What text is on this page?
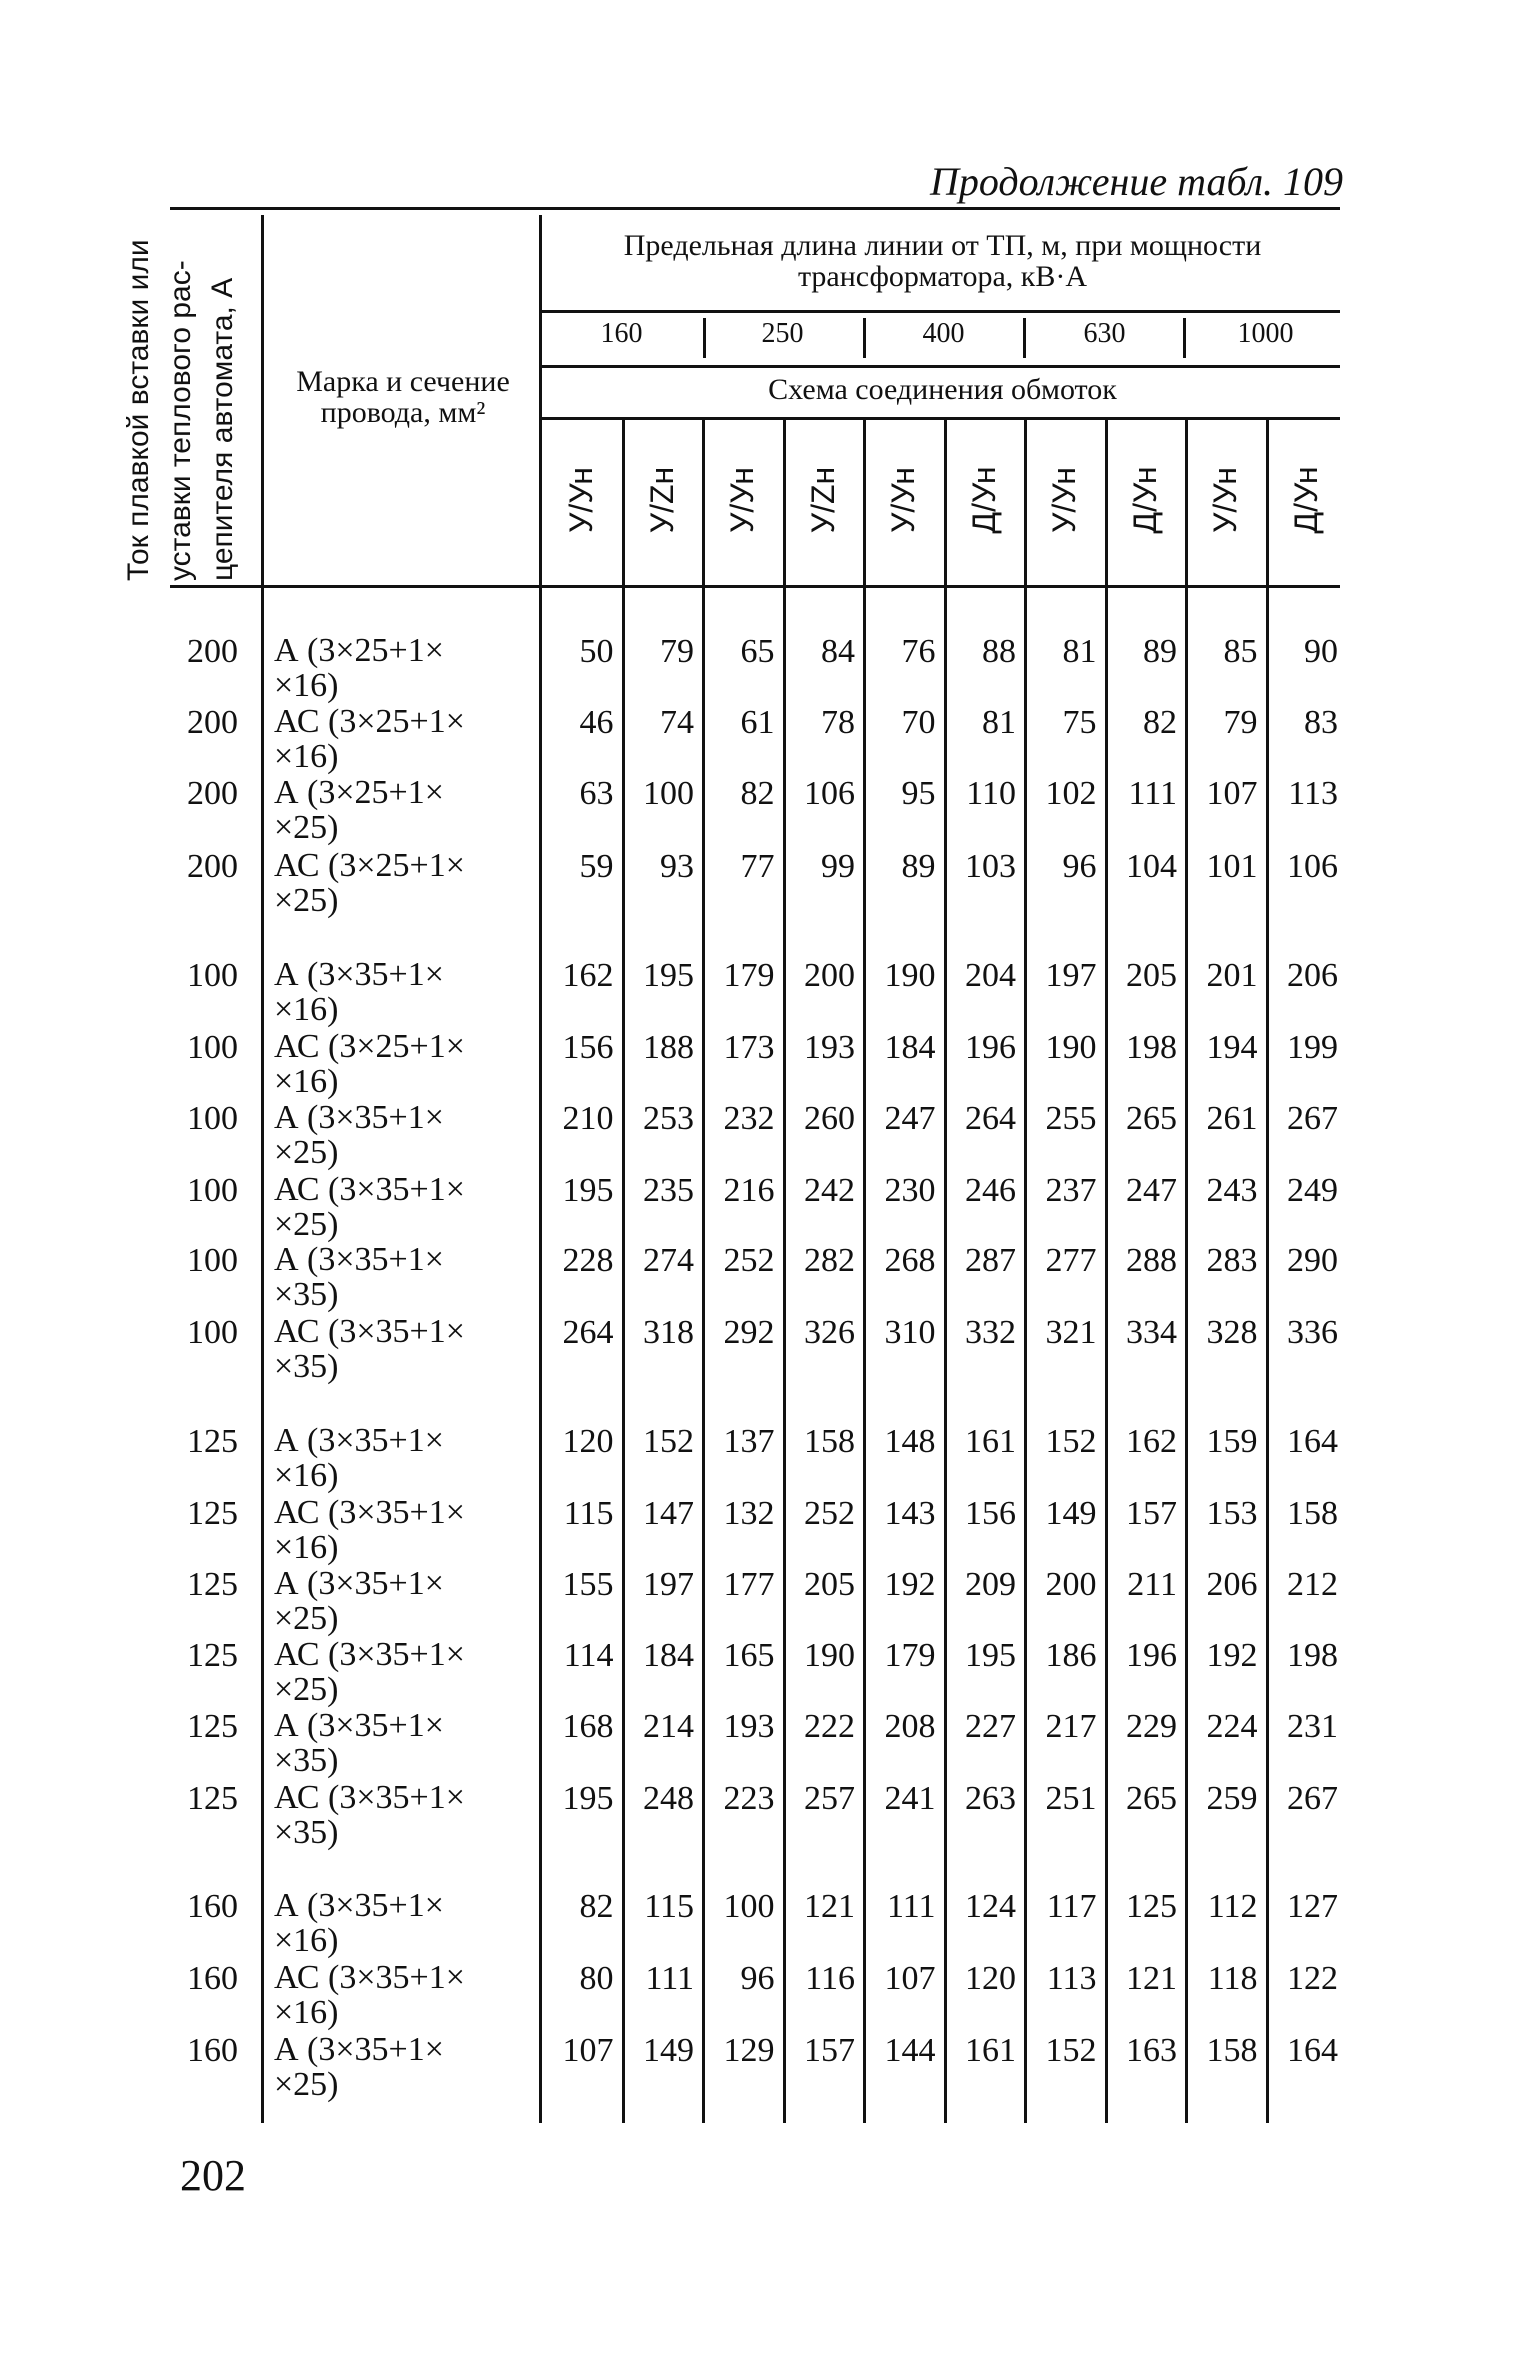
Продолжение табл. 109
Ток плавкой вставки или уставки теплового рас- цепителя автомата, А	Марка и сечение
провода, мм²
Предельная длина линии от ТП, м, при мощности
трансформатора, кВ·А
160	250	400	630	1000
Схема соединения обмоток
У/Ун У/Zн У/Ун У/Zн У/Ун Д/Ун У/Ун Д/Ун У/Ун Д/Ун
200 А (3×25+1×
×16)
50	79	65	84	76	88	81	89	85	90
200 АС (3×25+1×
×16)
46	74	61	78	70	81	75	82	79	83
200 А (3×25+1×
×25)
63 100	82 106	95 110 102 111 107 113
200 АС (3×25+1×
×25)
59	93	77	99	89 103	96 104 101 106
100 А (3×35+1×
×16)
162 195 179 200 190 204 197 205 201 206
100 АС (3×25+1×
×16)
156 188 173 193 184 196 190 198 194 199
100 А (3×35+1×
×25)
210 253 232 260 247 264 255 265 261 267
100 АС (3×35+1×
×25)
195 235 216 242 230 246 237 247 243 249
100 А (3×35+1×
×35)
228 274 252 282 268 287 277 288 283 290
100 АС (3×35+1×
×35)
264 318 292 326 310 332 321 334 328 336
125 А (3×35+1×
×16)
120 152 137 158 148 161 152 162 159 164
125 АС (3×35+1×
×16)
115 147 132 252 143 156 149 157 153 158
125 А (3×35+1×
×25)
155 197 177 205 192 209 200 211 206 212
125 АС (3×35+1×
×25)
114 184 165 190 179 195 186 196 192 198
125 А (3×35+1×
×35)
168 214 193 222 208 227 217 229 224 231
125 АС (3×35+1×
×35)
195 248 223 257 241 263 251 265 259 267
160 А (3×35+1×
×16)
82 115 100 121 111 124 117 125 112 127
160 АС (3×35+1×
×16)
80 111	96 116 107 120 113 121 118 122
160 А (3×35+1×
×25)
107 149 129 157 144 161 152 163 158 164
202
